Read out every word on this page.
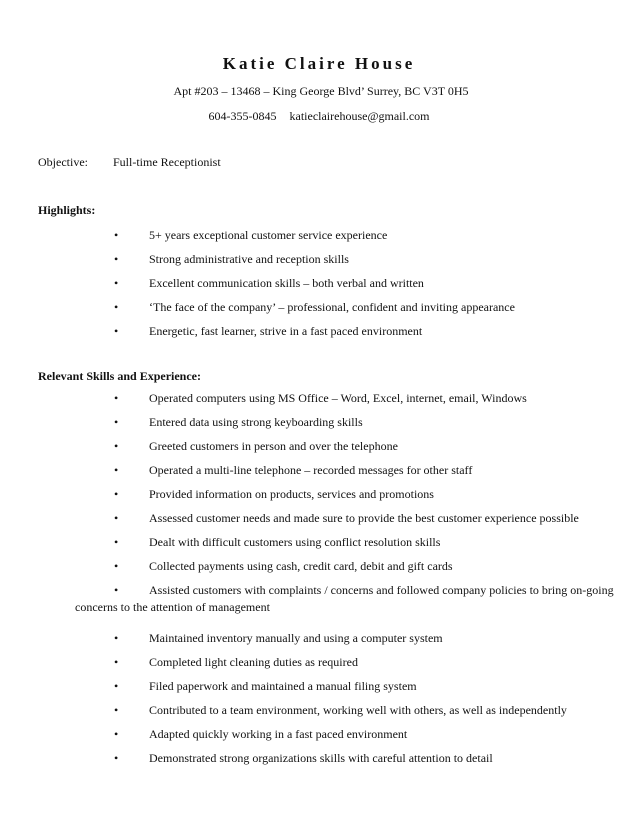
Katie Claire House
Apt #203 – 13468 – King George Blvd’ Surrey, BC V3T 0H5
604-355-0845 katieclairehouse@gmail.com
Objective: Full-time Receptionist
Highlights:
•	5+ years exceptional customer service experience
•	Strong administrative and reception skills
•	Excellent communication skills – both verbal and written
•	‘The face of the company’ – professional, confident and inviting appearance
•	Energetic, fast learner, strive in a fast paced environment
Relevant Skills and Experience:
•	Operated computers using MS Office – Word, Excel, internet, email, Windows
•	Entered data using strong keyboarding skills
•	Greeted customers in person and over the telephone
•	Operated a multi-line telephone – recorded messages for other staff
•	Provided information on products, services and promotions
•	Assessed customer needs and made sure to provide the best customer experience possible
•	Dealt with difficult customers using conflict resolution skills
•	Collected payments using cash, credit card, debit and gift cards
•	Assisted customers with complaints / concerns and followed company policies to bring on-going concerns to the attention of management
•	Maintained inventory manually and using a computer system
•	Completed light cleaning duties as required
•	Filed paperwork and maintained a manual filing system
•	Contributed to a team environment, working well with others, as well as independently
•	Adapted quickly working in a fast paced environment
•	Demonstrated strong organizations skills with careful attention to detail
